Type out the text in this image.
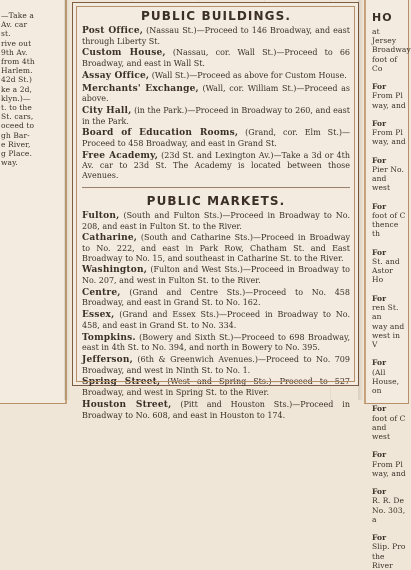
—Take a
Av. car
st.
rive out
9th Av.
from 4th
Harlem.
42d St.)
ke a 2d,
klyn.)—
t. to the
St. cars,
oceed to
gh Bar-
e River,
g Place.
way.
PUBLIC BUILDINGS.
Post Office, (Nassau St.)—Proceed to 146 Broadway, and east through Liberty St.
Custom House, (Nassau, cor. Wall St.)—Proceed to 66 Broadway, and east in Wall St.
Assay Office, (Wall St.)—Proceed as above for Custom House.
Merchants' Exchange, (Wall, cor. William St.)—Proceed as above.
City Hall, (in the Park.)—Proceed in Broadway to 260, and east in the Park.
Board of Education Rooms, (Grand, cor. Elm St.)—Proceed to 458 Broadway, and east in Grand St.
Free Academy, (23d St. and Lexington Av.)—Take a 3d or 4th Av. car to 23d St. The Academy is located between those Avenues.
PUBLIC MARKETS.
Fulton, (South and Fulton Sts.)—Proceed in Broadway to No. 208, and east in Fulton St. to the River.
Catharine, (South and Catharine Sts.)—Proceed in Broadway to No. 222, and east in Park Row, Chatham St. and East Broadway to No. 15, and southeast in Catharine St. to the River.
Washington, (Fulton and West Sts.)—Proceed in Broadway to No. 207, and west in Fulton St. to the River.
Centre, (Grand and Centre Sts.)—Proceed to No. 458 Broadway, and east in Grand St. to No. 162.
Essex, (Grand and Essex Sts.)—Proceed in Broadway to No. 458, and east in Grand St. to No. 334.
Tompkins. (Bowery and Sixth St.)—Proceed to 698 Broadway, east in 4th St. to No. 394, and north in Bowery to No. 395.
Jefferson, (6th & Greenwich Avenues.)—Proceed to No. 709 Broadway, and west in Ninth St. to No. 1.
Spring Street, (West and Spring Sts.)—Proceed to 527 Broadway, and west in Spring St. to the River.
Houston Street, (Pitt and Houston Sts.)—Proceed in Broadway to No. 608, and east in Houston to 174.
HO
at Jersey
Broadway
foot of Co

For
From Pl
way, and

For
From Pl
way, and

For
Pier No.
and west

For
foot of C
thence th

For
St. and
Astor Ho

For
ren St. an
way and
west in V

For
(All
House, on

For
foot of C
and west

For
From Pl
way, and

For
R. R. De
No. 303, a

For
Slip. Pro
the River
